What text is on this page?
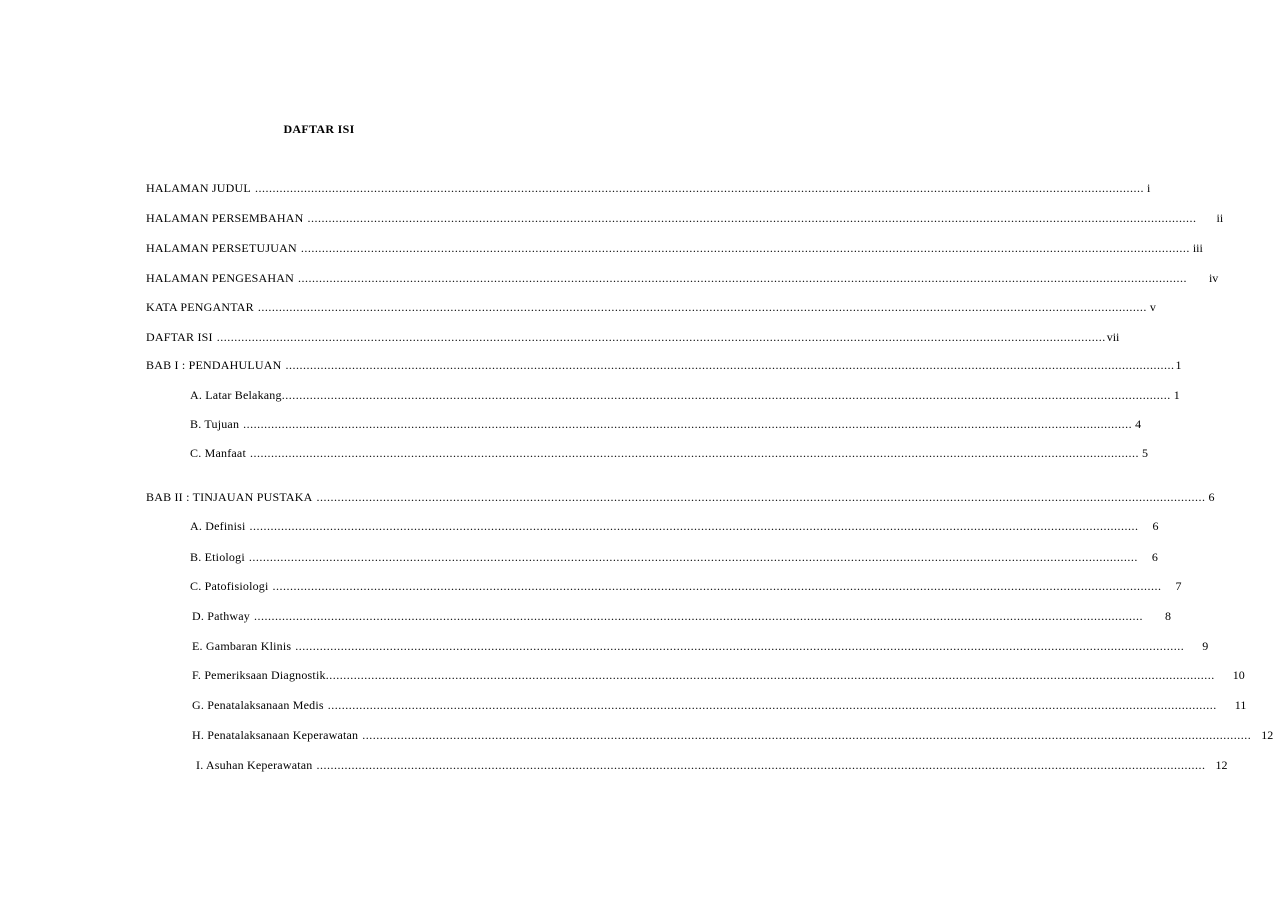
DAFTAR ISI
HALAMAN JUDUL .............................................................................................................................................................................................................................................................. i
HALAMAN PERSEMBAHAN .............................................................................................................................................................................................................................................................. ii
HALAMAN PERSETUJUAN .............................................................................................................................................................................................................................................................. iii
HALAMAN PENGESAHAN .............................................................................................................................................................................................................................................................. iv
KATA PENGANTAR .............................................................................................................................................................................................................................................................. v
DAFTAR ISI .............................................................................................................................................................................................................................................................. vii
BAB I : PENDAHULUAN .............................................................................................................................................................................................................................................................. 1
A. Latar Belakang .............................................................................................................................................................................................................................................................. 1
B. Tujuan .............................................................................................................................................................................................................................................................. 4
C. Manfaat .............................................................................................................................................................................................................................................................. 5
BAB II : TINJAUAN PUSTAKA .............................................................................................................................................................................................................................................................. 6
A. Definisi .............................................................................................................................................................................................................................................................. 6
B. Etiologi .............................................................................................................................................................................................................................................................. 6
C. Patofisiologi .............................................................................................................................................................................................................................................................. 7
D. Pathway .............................................................................................................................................................................................................................................................. 8
E. Gambaran Klinis .............................................................................................................................................................................................................................................................. 9
F. Pemeriksaan Diagnostik .............................................................................................................................................................................................................................................................. 10
G. Penatalaksanaan Medis .............................................................................................................................................................................................................................................................. 11
H. Penatalaksanaan Keperawatan .............................................................................................................................................................................................................................................................. 12
I. Asuhan Keperawatan .............................................................................................................................................................................................................................................................. 12
